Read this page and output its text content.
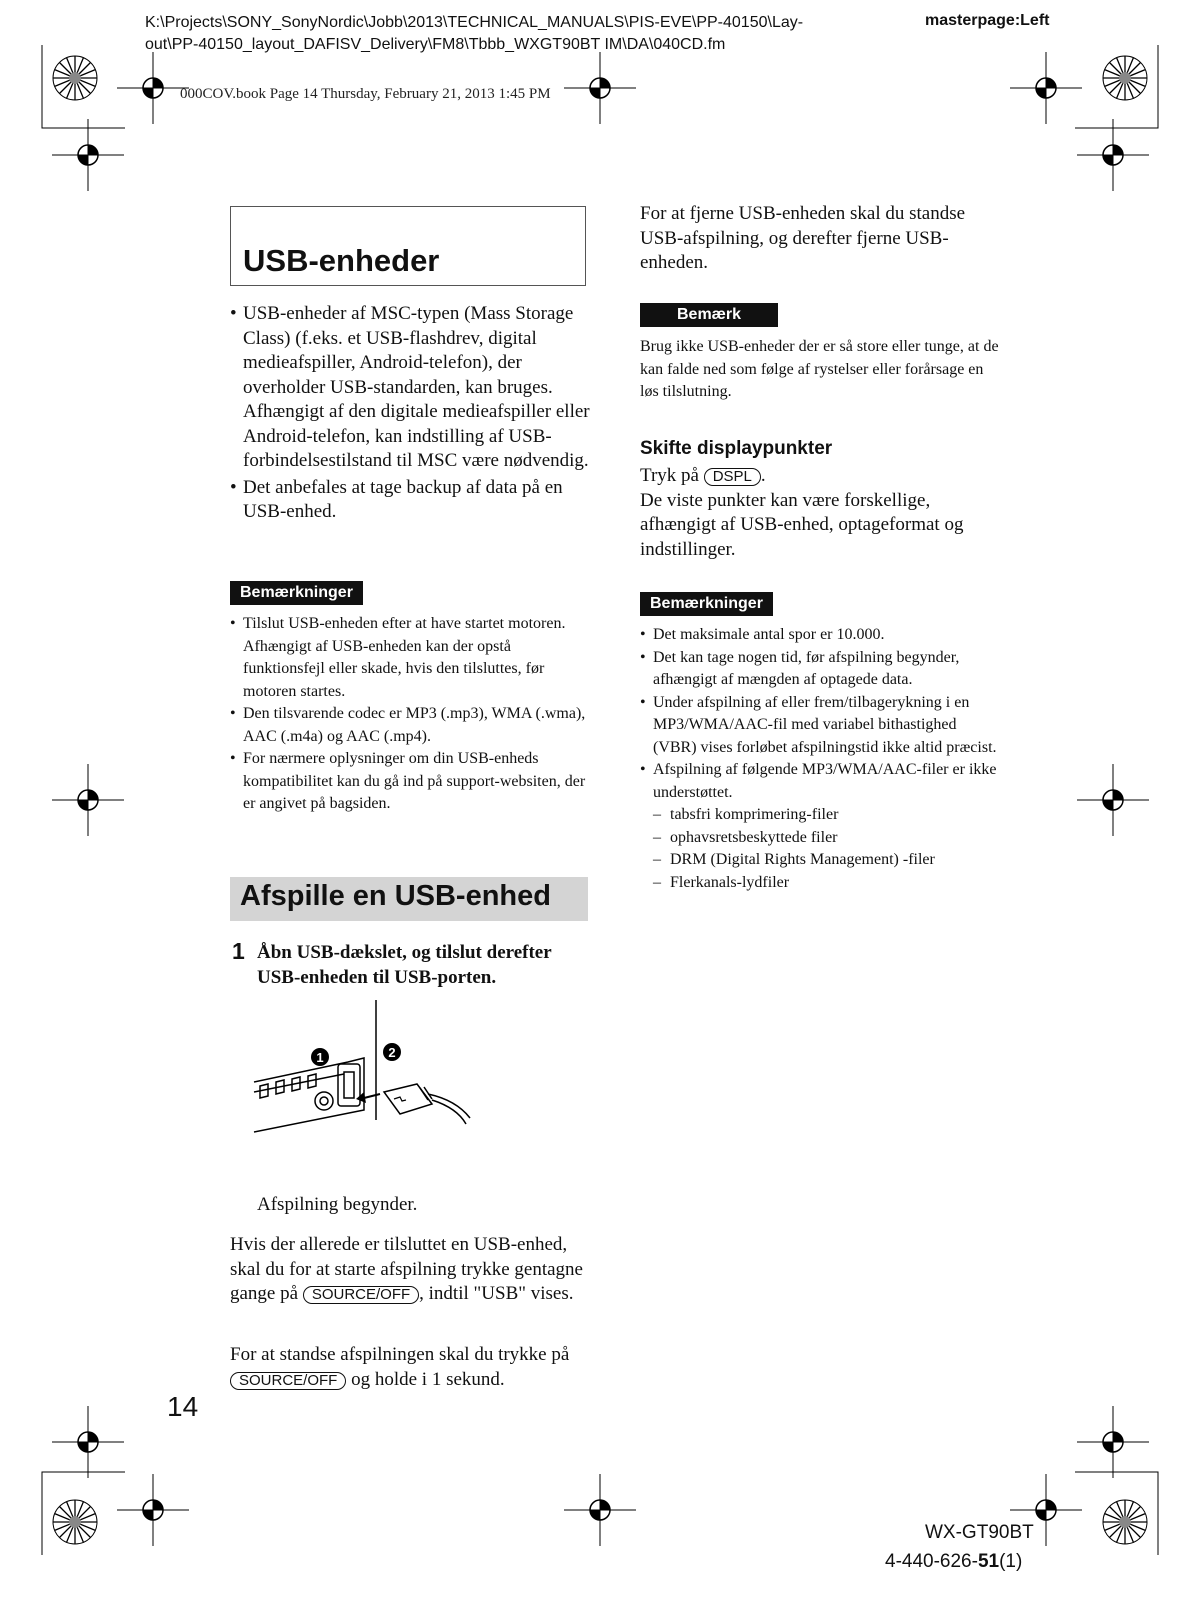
K:\Projects\SONY_SonyNordic\Jobb\2013\TECHNICAL_MANUALS\PIS-EVE\PP-40150\Lay-
out\PP-40150_layout_DAFISV_Delivery\FM8\Tbbb_WXGT90BT IM\DA\040CD.fm
masterpage:Left
000COV.book Page 14 Thursday, February 21, 2013 1:45 PM
USB-enheder
• USB-enheder af MSC-typen (Mass Storage Class) (f.eks. et USB-flashdrev, digital medieafspiller, Android-telefon), der overholder USB-standarden, kan bruges. Afhængigt af den digitale medieafspiller eller Android-telefon, kan indstilling af USB-forbindelsestilstand til MSC være nødvendig.
• Det anbefales at tage backup af data på en USB-enhed.
Bemærkninger
• Tilslut USB-enheden efter at have startet motoren. Afhængigt af USB-enheden kan der opstå funktionsfejl eller skade, hvis den tilsluttes, før motoren startes.
• Den tilsvarende codec er MP3 (.mp3), WMA (.wma), AAC (.m4a) og AAC (.mp4).
• For nærmere oplysninger om din USB-enheds kompatibilitet kan du gå ind på support-websiten, der er angivet på bagsiden.
Afspille en USB-enhed
1 Åbn USB-dækslet, og tilslut derefter USB-enheden til USB-porten.
1	2
Afspilning begynder.
Hvis der allerede er tilsluttet en USB-enhed, skal du for at starte afspilning trykke gentagne gange på SOURCE/OFF , indtil "USB" vises.
For at standse afspilningen skal du trykke på SOURCE/OFF og holde i 1 sekund.
For at fjerne USB-enheden skal du standse USB-afspilning, og derefter fjerne USB-enheden.
Bemærk
Brug ikke USB-enheder der er så store eller tunge, at de kan falde ned som følge af rystelser eller forårsage en løs tilslutning.
Skifte displaypunkter
Tryk på DSPL .
De viste punkter kan være forskellige, afhængigt af USB-enhed, optageformat og indstillinger.
Bemærkninger
• Det maksimale antal spor er 10.000.
• Det kan tage nogen tid, før afspilning begynder, afhængigt af mængden af optagede data.
• Under afspilning af eller frem/tilbagerykning i en MP3/WMA/AAC-fil med variabel bithastighed (VBR) vises forløbet afspilningstid ikke altid præcist.
• Afspilning af følgende MP3/WMA/AAC-filer er ikke understøttet.
– tabsfri komprimering-filer
– ophavsretsbeskyttede filer
– DRM (Digital Rights Management) -filer
– Flerkanals-lydfiler
14
WX-GT90BT
4-440-626-51(1)
